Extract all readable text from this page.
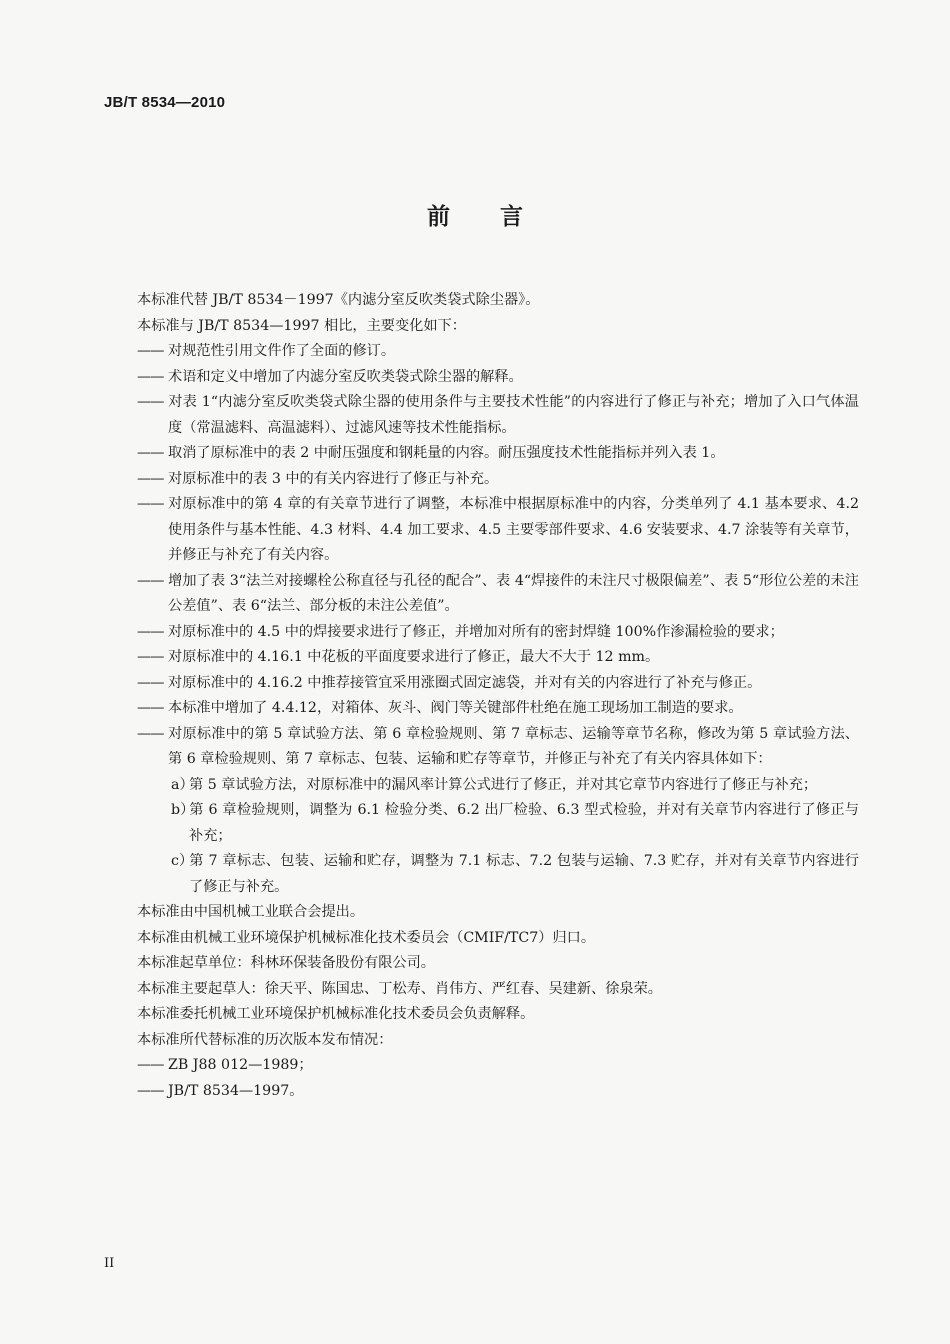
JB/T 8534—2010
前言

本标准代替 JB/T 8534－1997《内滤分室反吹类袋式除尘器》。

本标准与 JB/T 8534—1997 相比，主要变化如下：

—— 对规范性引用文件作了全面的修订。

—— 术语和定义中增加了内滤分室反吹类袋式除尘器的解释。

—— 对表 1“内滤分室反吹类袋式除尘器的使用条件与主要技术性能”的内容进行了修正与补充；增加了入口气体温度（常温滤料、高温滤料）、过滤风速等技术性能指标。

—— 取消了原标准中的表 2 中耐压强度和钢耗量的内容。耐压强度技术性能指标并列入表 1。

—— 对原标准中的表 3 中的有关内容进行了修正与补充。

—— 对原标准中的第 4 章的有关章节进行了调整，本标准中根据原标准中的内容，分类单列了 4.1 基本要求、4.2 使用条件与基本性能、4.3 材料、4.4 加工要求、4.5 主要零部件要求、4.6 安装要求、4.7 涂装等有关章节，并修正与补充了有关内容。

—— 增加了表 3“法兰对接螺栓公称直径与孔径的配合”、表 4“焊接件的未注尺寸极限偏差”、表 5“形位公差的未注公差值”、表 6“法兰、部分板的未注公差值”。

—— 对原标准中的 4.5 中的焊接要求进行了修正，并增加对所有的密封焊缝 100%作渗漏检验的要求；

—— 对原标准中的 4.16.1 中花板的平面度要求进行了修正，最大不大于 12 mm。

—— 对原标准中的 4.16.2 中推荐接管宜采用涨圈式固定滤袋，并对有关的内容进行了补充与修正。

—— 本标准中增加了 4.4.12，对箱体、灰斗、阀门等关键部件杜绝在施工现场加工制造的要求。

—— 对原标准中的第 5 章试验方法、第 6 章检验规则、第 7 章标志、运输等章节名称，修改为第 5 章试验方法、第 6 章检验规则、第 7 章标志、包装、运输和贮存等章节，并修正与补充了有关内容具体如下：

a）第 5 章试验方法，对原标准中的漏风率计算公式进行了修正，并对其它章节内容进行了修正与补充；

b）第 6 章检验规则，调整为 6.1 检验分类、6.2 出厂检验、6.3 型式检验，并对有关章节内容进行了修正与补充；

c）第 7 章标志、包装、运输和贮存，调整为 7.1 标志、7.2 包装与运输、7.3 贮存，并对有关章节内容进行了修正与补充。

本标准由中国机械工业联合会提出。

本标准由机械工业环境保护机械标准化技术委员会（CMIF/TC7）归口。

本标准起草单位：科林环保装备股份有限公司。

本标准主要起草人：徐天平、陈国忠、丁松寿、肖伟方、严红春、吴建新、徐泉荣。

本标准委托机械工业环境保护机械标准化技术委员会负责解释。

本标准所代替标准的历次版本发布情况：

—— ZB J88 012—1989；

—— JB/T 8534—1997。

II
